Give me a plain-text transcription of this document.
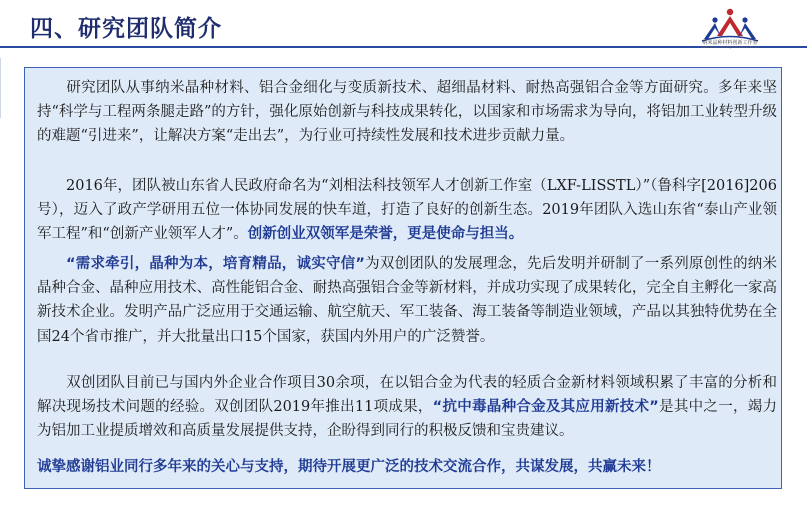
四、研究团队简介
纳米晶种材料创新工作室
Nano Grain Refining Innovation Studio

研究团队从事纳米晶种材料、铝合金细化与变质新技术、超细晶材料、耐热高强铝合金等方面研究。多年来坚持“科学与工程两条腿走路”的方针，强化原始创新与科技成果转化，以国家和市场需求为导向，将铝加工业转型升级的难题“引进来”，让解决方案“走出去”，为行业可持续性发展和技术进步贡献力量。

2016年，团队被山东省人民政府命名为“刘相法科技领军人才创新工作室（LXF-LISSTL）”（鲁科字[2016]206号），迈入了政产学研用五位一体协同发展的快车道，打造了良好的创新生态。2019年团队入选山东省“泰山产业领军工程”和“创新产业领军人才”。创新创业双领军是荣誉，更是使命与担当。

“需求牵引，晶种为本，培育精品，诚实守信”为双创团队的发展理念，先后发明并研制了一系列原创性的纳米晶种合金、晶种应用技术、高性能铝合金、耐热高强铝合金等新材料，并成功实现了成果转化，完全自主孵化一家高新技术企业。发明产品广泛应用于交通运输、航空航天、军工装备、海工装备等制造业领域，产品以其独特优势在全国24个省市推广，并大批量出口15个国家，获国内外用户的广泛赞誉。

双创团队目前已与国内外企业合作项目30余项，在以铝合金为代表的轻质合金新材料领域积累了丰富的分析和解决现场技术问题的经验。双创团队2019年推出11项成果，“抗中毒晶种合金及其应用新技术”是其中之一，竭力为铝加工业提质增效和高质量发展提供支持，企盼得到同行的积极反馈和宝贵建议。

诚挚感谢铝业同行多年来的关心与支持，期待开展更广泛的技术交流合作，共谋发展，共赢未来！
